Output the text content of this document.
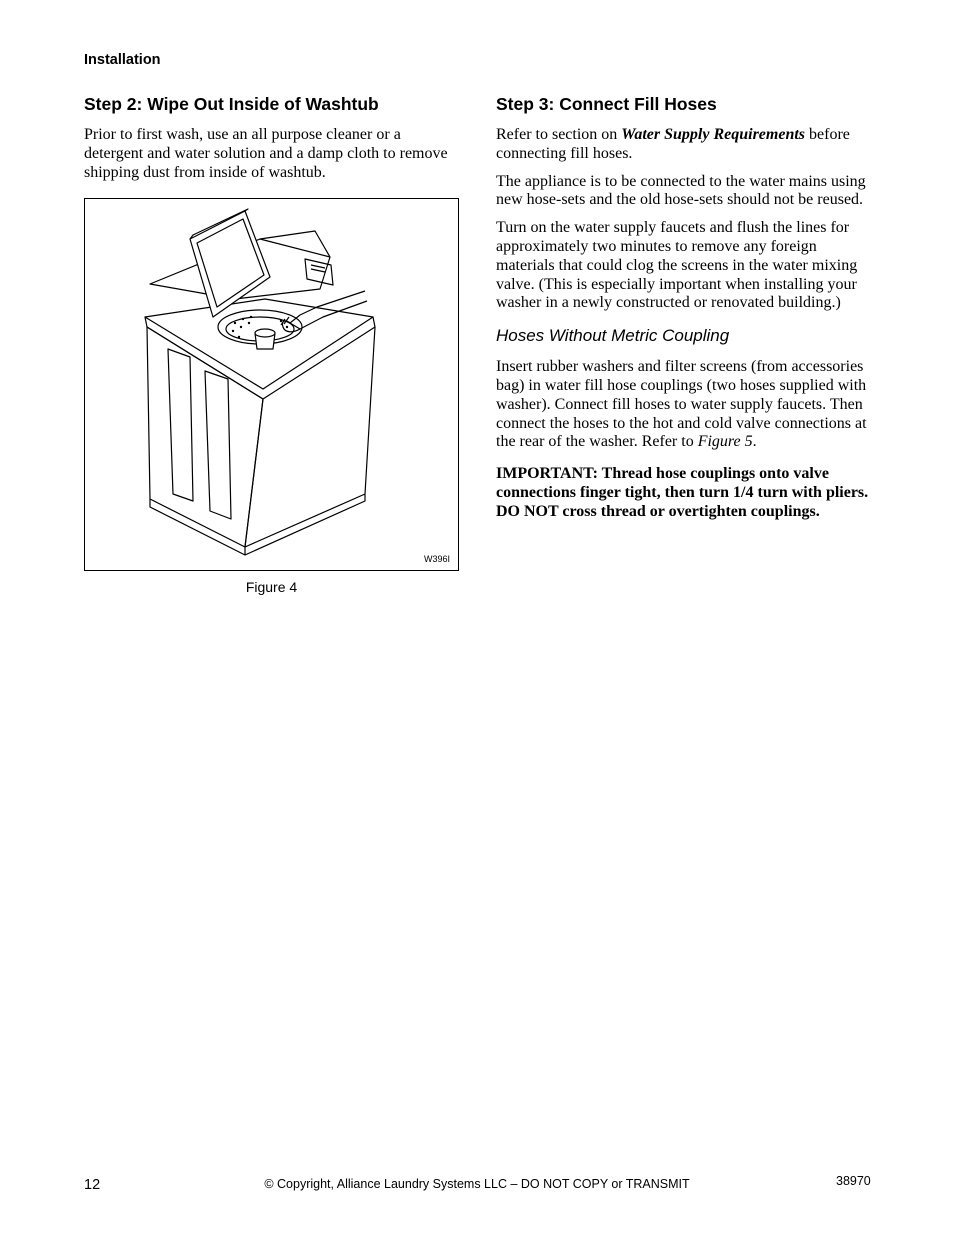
Installation
Step 2: Wipe Out Inside of Washtub

Prior to first wash, use an all purpose cleaner or a detergent and water solution and a damp cloth to remove shipping dust from inside of washtub.

W396I
Figure 4
Step 3: Connect Fill Hoses

Refer to section on Water Supply Requirements before connecting fill hoses.

The appliance is to be connected to the water mains using new hose-sets and the old hose-sets should not be reused.

Turn on the water supply faucets and flush the lines for approximately two minutes to remove any foreign materials that could clog the screens in the water mixing valve. (This is especially important when installing your washer in a newly constructed or renovated building.)

Hoses Without Metric Coupling

Insert rubber washers and filter screens (from accessories bag) in water fill hose couplings (two hoses supplied with washer). Connect fill hoses to water supply faucets. Then connect the hoses to the hot and cold valve connections at the rear of the washer. Refer to Figure 5.

IMPORTANT: Thread hose couplings onto valve connections finger tight, then turn 1/4 turn with pliers. DO NOT cross thread or overtighten couplings.

12	© Copyright, Alliance Laundry Systems LLC – DO NOT COPY or TRANSMIT	38970
